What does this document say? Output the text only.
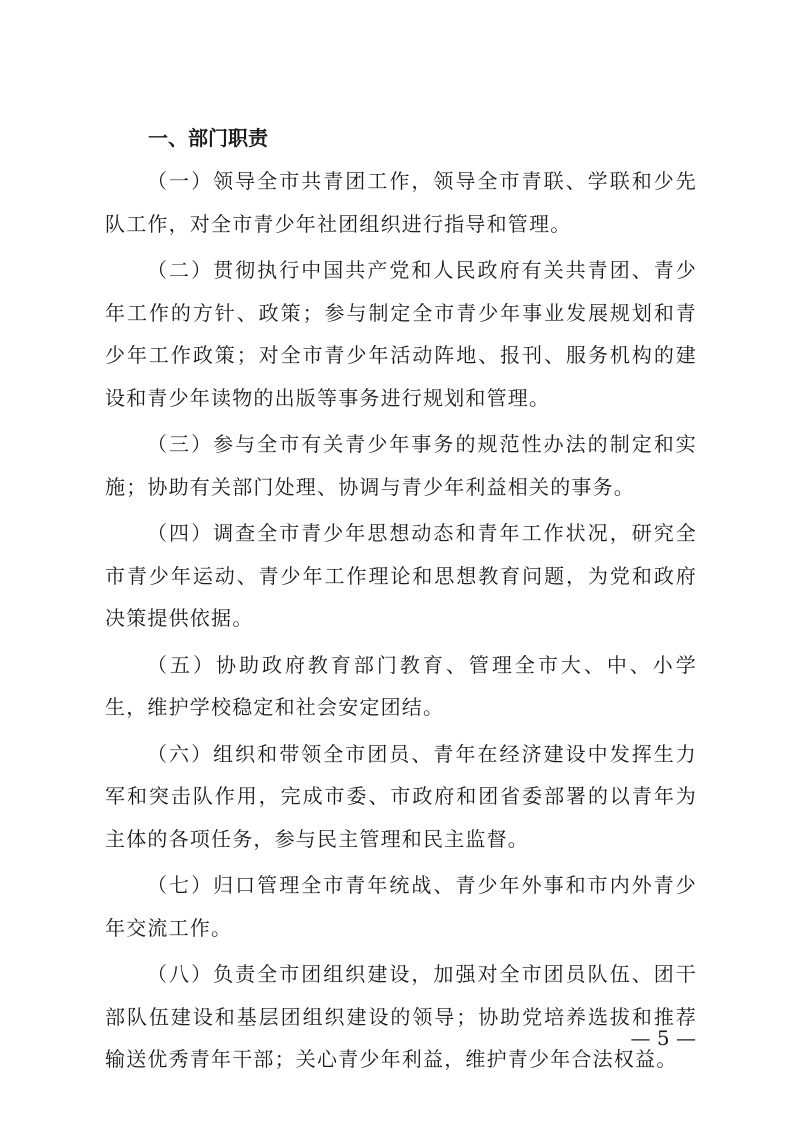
一、部门职责

（一）领导全市共青团工作，领导全市青联、学联和少先队工作，对全市青少年社团组织进行指导和管理。

（二）贯彻执行中国共产党和人民政府有关共青团、青少年工作的方针、政策；参与制定全市青少年事业发展规划和青少年工作政策；对全市青少年活动阵地、报刊、服务机构的建设和青少年读物的出版等事务进行规划和管理。

（三）参与全市有关青少年事务的规范性办法的制定和实施；协助有关部门处理、协调与青少年利益相关的事务。

（四）调查全市青少年思想动态和青年工作状况，研究全市青少年运动、青少年工作理论和思想教育问题，为党和政府决策提供依据。

（五）协助政府教育部门教育、管理全市大、中、小学生，维护学校稳定和社会安定团结。

（六）组织和带领全市团员、青年在经济建设中发挥生力军和突击队作用，完成市委、市政府和团省委部署的以青年为主体的各项任务，参与民主管理和民主监督。

（七）归口管理全市青年统战、青少年外事和市内外青少年交流工作。

（八）负责全市团组织建设，加强对全市团员队伍、团干部队伍建设和基层团组织建设的领导；协助党培养选拔和推荐输送优秀青年干部；关心青少年利益，维护青少年合法权益。

— 5 —
